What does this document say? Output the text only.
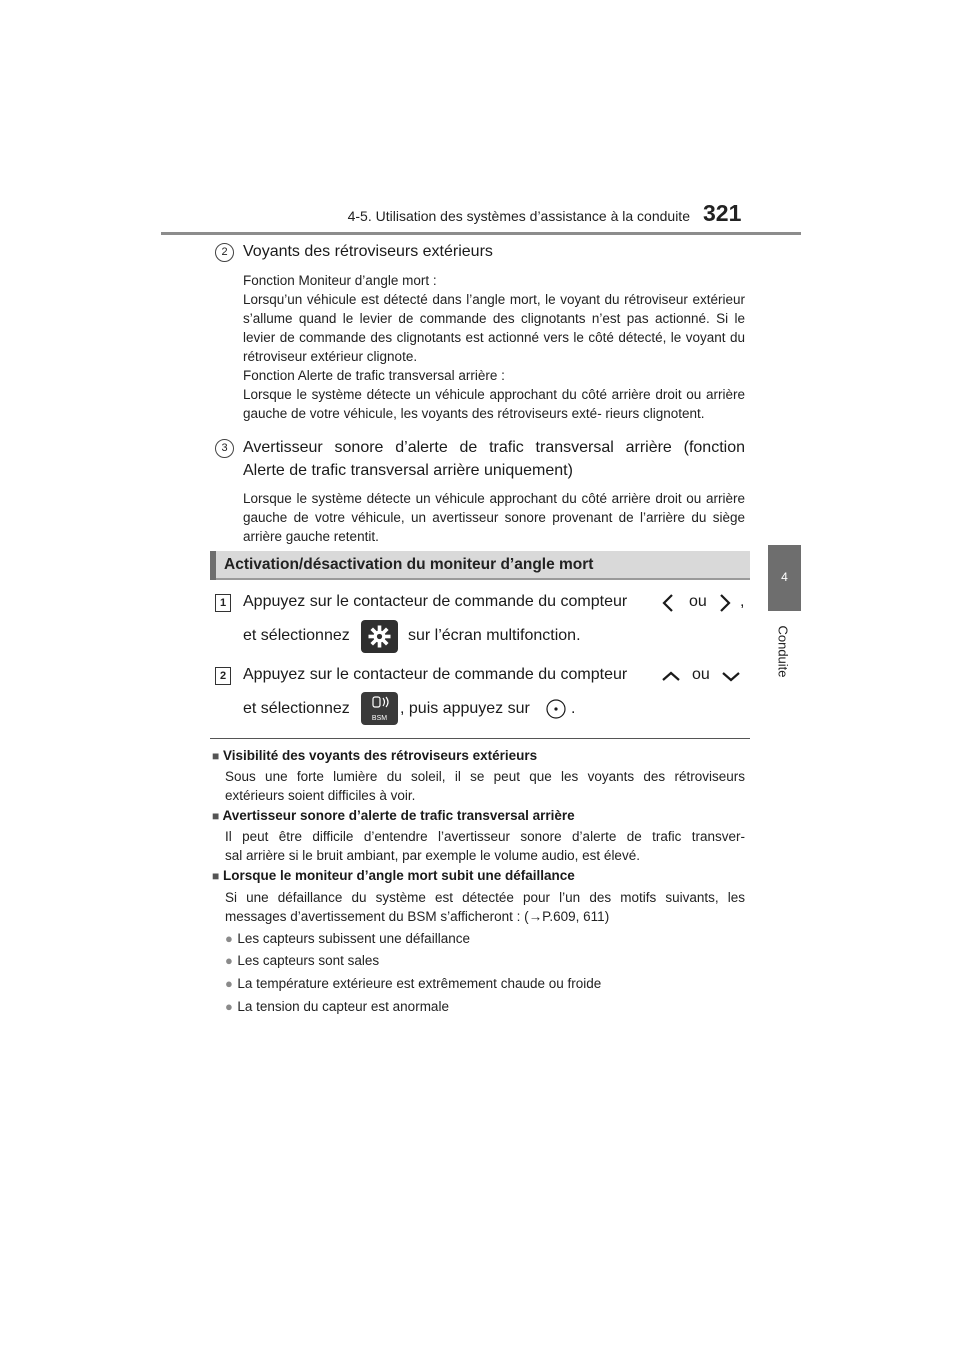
4-5. Utilisation des systèmes d’assistance à la conduite 321
4
Conduite
2 Voyants des rétroviseurs extérieurs
Fonction Moniteur d’angle mort :
Lorsqu’un véhicule est détecté dans l’angle mort, le voyant du rétroviseur extérieur s’allume quand le levier de commande des clignotants n’est pas actionné. Si le levier de commande des clignotants est actionné vers le côté détecté, le voyant du rétroviseur extérieur clignote.
Fonction Alerte de trafic transversal arrière :
Lorsque le système détecte un véhicule approchant du côté arrière droit ou arrière gauche de votre véhicule, les voyants des rétroviseurs exté- rieurs clignotent.
3 Avertisseur sonore d’alerte de trafic transversal arrière (fonction
Alerte de trafic transversal arrière uniquement)
Lorsque le système détecte un véhicule approchant du côté arrière droit ou arrière gauche de votre véhicule, un avertisseur sonore provenant de l’arrière du siège arrière gauche retentit.
Activation/désactivation du moniteur d’angle mort
1	Appuyez sur le contacteur de commande du compteur	ou ,
et sélectionnez	sur l’écran multifonction.
2	Appuyez sur le contacteur de commande du compteur	ou
et sélectionnez
BSM
, puis appuyez sur	.
■ Visibilité des voyants des rétroviseurs extérieurs
Sous une forte lumière du soleil, il se peut que les voyants des rétroviseurs
extérieurs soient difficiles à voir.
■ Avertisseur sonore d’alerte de trafic transversal arrière
Il peut être difficile d’entendre l’avertisseur sonore d’alerte de trafic transver-
sal arrière si le bruit ambiant, par exemple le volume audio, est élevé.
■ Lorsque le moniteur d’angle mort subit une défaillance
Si une défaillance du système est détectée pour l’un des motifs suivants, les
messages d’avertissement du BSM s’afficheront : (→P.609, 611)
● Les capteurs subissent une défaillance
● Les capteurs sont sales
● La température extérieure est extrêmement chaude ou froide
● La tension du capteur est anormale
